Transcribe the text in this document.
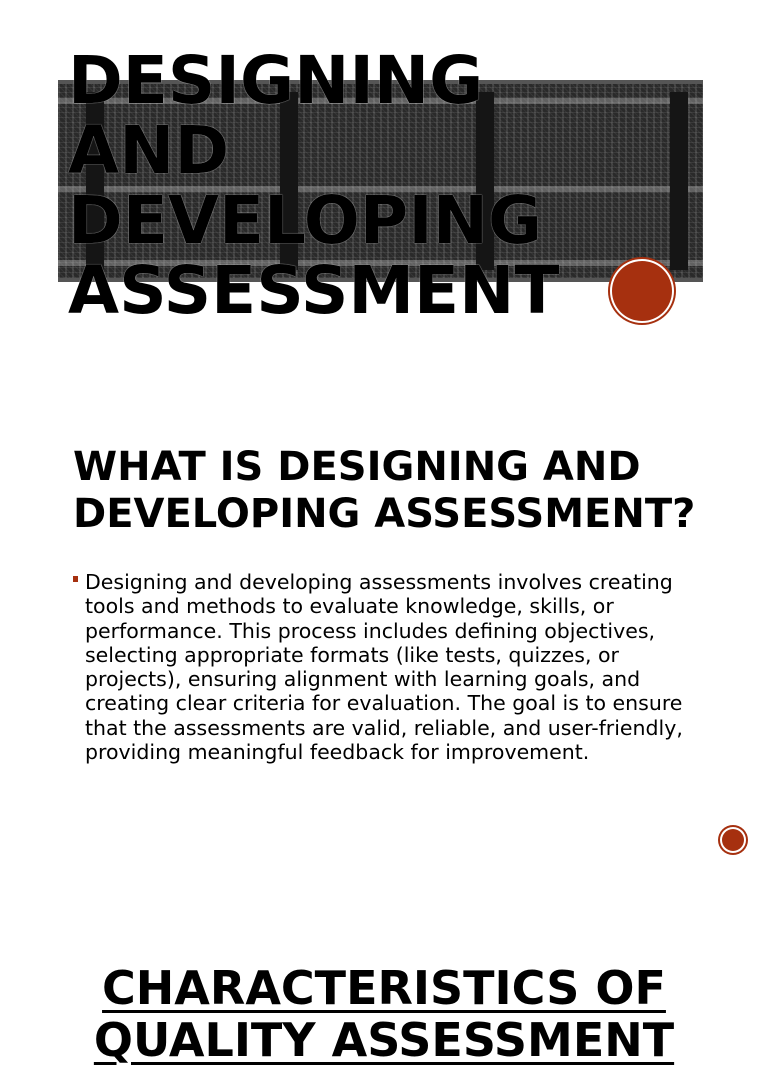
DESIGNING
AND
DEVELOPING
ASSESSMENT
WHAT IS DESIGNING AND DEVELOPING ASSESSMENT?

Designing and developing assessments involves creating tools and methods to evaluate knowledge, skills, or performance. This process includes defining objectives, selecting appropriate formats (like tests, quizzes, or projects), ensuring alignment with learning goals, and creating clear criteria for evaluation. The goal is to ensure that the assessments are valid, reliable, and user-friendly, providing meaningful feedback for improvement.

CHARACTERISTICS OF
QUALITY ASSESSMENT
